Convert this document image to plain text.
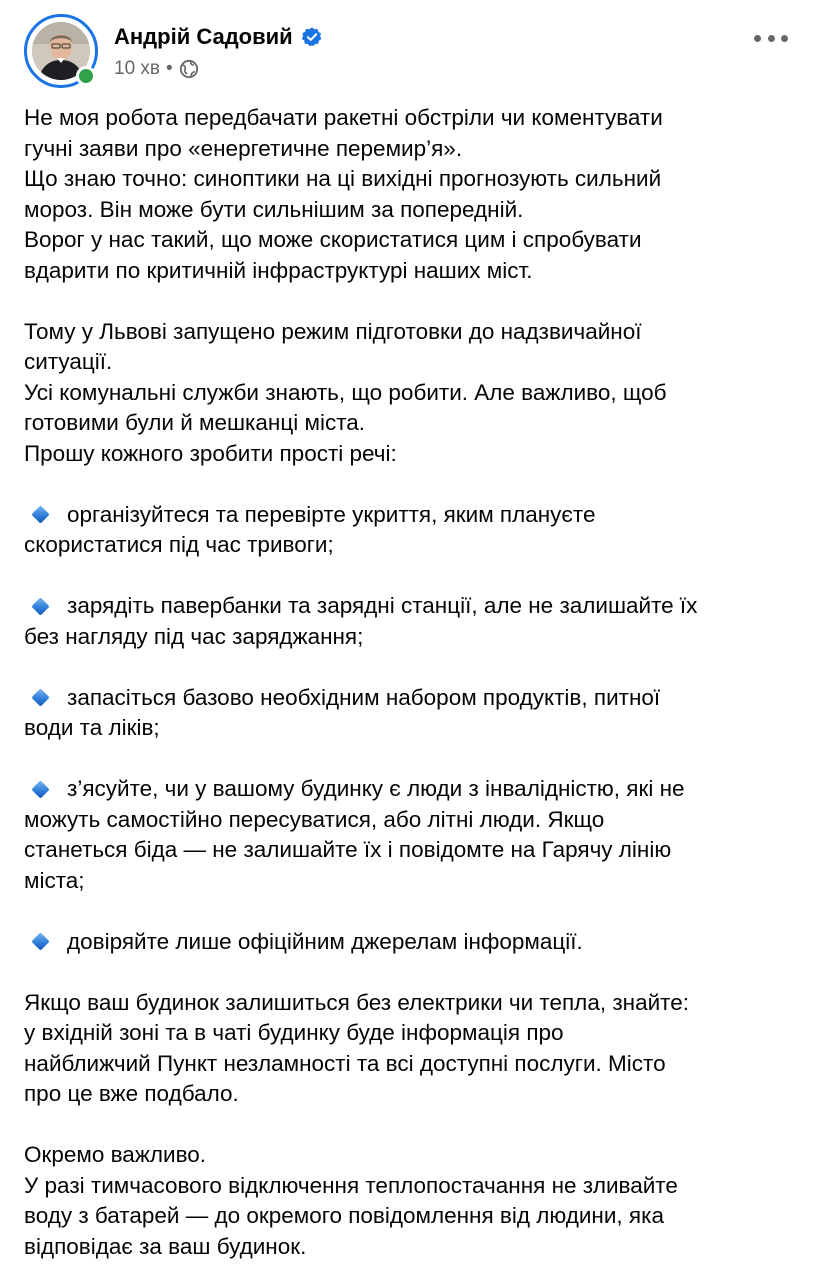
Андрій Садовий
10 хв •

Не моя робота передбачати ракетні обстріли чи коментувати

гучні заяви про «енергетичне перемир’я».

Що знаю точно: синоптики на ці вихідні прогнозують сильний

мороз. Він може бути сильнішим за попередній.

Ворог у нас такий, що може скористатися цим і спробувати

вдарити по критичній інфраструктурі наших міст.

Тому у Львові запущено режим підготовки до надзвичайної

ситуації.

Усі комунальні служби знають, що робити. Але важливо, щоб

готовими були й мешканці міста.

Прошу кожного зробити прості речі:

організуйтеся та перевірте укриття, яким плануєте

скористатися під час тривоги;

зарядіть павербанки та зарядні станції, але не залишайте їх

без нагляду під час заряджання;

запасіться базово необхідним набором продуктів, питної

води та ліків;

з’ясуйте, чи у вашому будинку є люди з інвалідністю, які не

можуть самостійно пересуватися, або літні люди. Якщо

станеться біда — не залишайте їх і повідомте на Гарячу лінію

міста;

довіряйте лише офіційним джерелам інформації.

Якщо ваш будинок залишиться без електрики чи тепла, знайте:

у вхідній зоні та в чаті будинку буде інформація про

найближчий Пункт незламності та всі доступні послуги. Місто

про це вже подбало.

Окремо важливо.

У разі тимчасового відключення теплопостачання не зливайте

воду з батарей — до окремого повідомлення від людини, яка

відповідає за ваш будинок.
